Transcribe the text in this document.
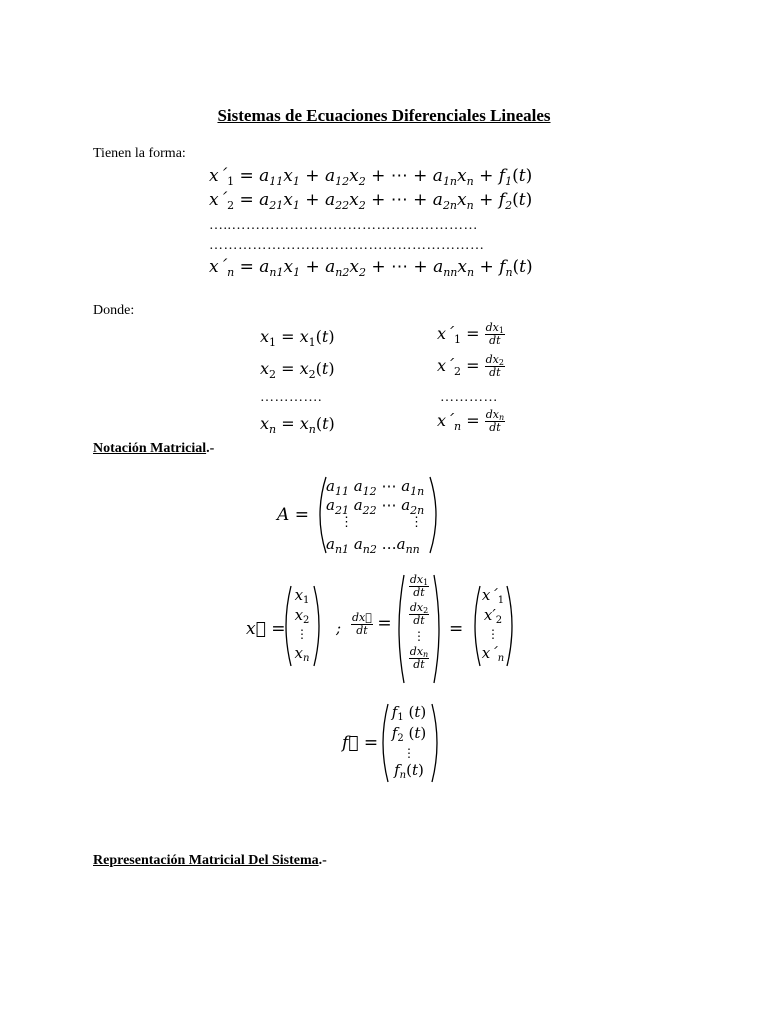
Sistemas de Ecuaciones Diferenciales Lineales
Tienen la forma:
$x´_1 = a_{11}x_1 + a_{12}x_2$ + ⋯ + $a_{1n}x_n + f_1(t)$
$x´_2 = a_{21}x_1 + a_{22}x_2$ + ⋯ + $a_{2n}x_n + f_2(t)$
…..……………………………………………
…………………………………………………
$x´_n = a_{n1}x_1 + a_{n2}x_2$ + ⋯ + $a_{nn}x_n + f_n(t)$
Donde:
$x_1 = x_1(t)$
$x_2 = x_2(t)$
………….
$x_n = x_n(t)$
$x´_1 = \frac{dx_1}{dt}$
$x´_2 = \frac{dx_2}{dt}$
…………
$x´_n = \frac{dx_n}{dt}$
Notación Matricial.-
A =
$a_{11}$ $a_{12}$ ⋯ $a_{1n}$
$a_{21}$ $a_{22}$ ⋯ $a_{2n}$
⋮	⋮
$a_{n1}$ $a_{n2}$ $\dots a_{nn}$
x⃗ =
$x_1$
$x_2$
⋮
$x_n$
; $\frac{dx⃗}{dt}$ =
$\frac{dx_1}{dt}$
$\frac{dx_2}{dt}$
⋮
$\frac{dx_n}{dt}$
=
$x´_1$
$x'_2$
⋮
$x´_n$
f⃗ =
$f_1$ (t)
$f_2$ (t)
⋮
$f_n(t)$
Representación Matricial Del Sistema.-
